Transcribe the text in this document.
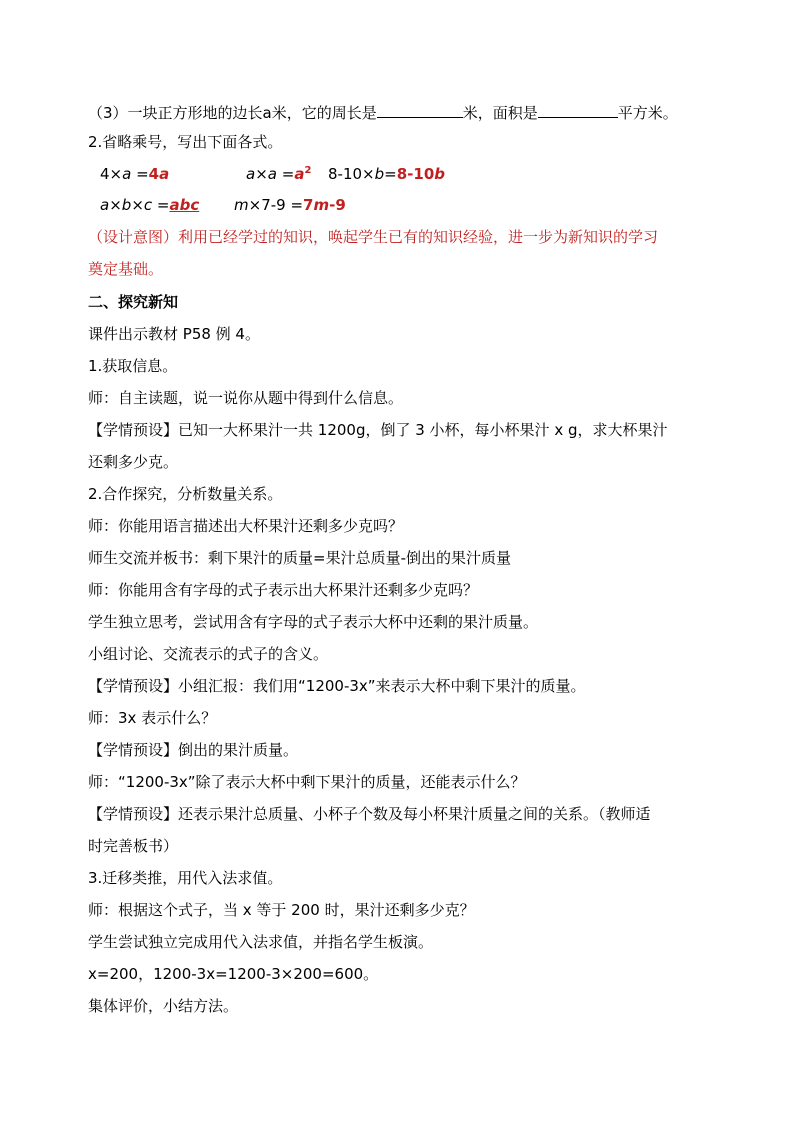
（3）一块正方形地的边长a米，它的周长是	米，面积是	平方米。
2.省略乘号，写出下面各式。
4×a =4a	$a\times a =a^2$ 8-10×b=8-10b
a×b×c =abc m×7-9 =7m-9
（设计意图）利用已经学过的知识，唤起学生已有的知识经验，进一步为新知识的学习
奠定基础。
二、探究新知
课件出示教材 P58 例 4。
1.获取信息。
师：自主读题，说一说你从题中得到什么信息。
【学情预设】已知一大杯果汁一共 1200g，倒了 3 小杯，每小杯果汁 x g，求大杯果汁
还剩多少克。
2.合作探究，分析数量关系。
师：你能用语言描述出大杯果汁还剩多少克吗？
师生交流并板书：剩下果汁的质量=果汁总质量-倒出的果汁质量
师：你能用含有字母的式子表示出大杯果汁还剩多少克吗？
学生独立思考，尝试用含有字母的式子表示大杯中还剩的果汁质量。
小组讨论、交流表示的式子的含义。
【学情预设】小组汇报：我们用“1200-3x”来表示大杯中剩下果汁的质量。
师：3x 表示什么？
【学情预设】倒出的果汁质量。
师：“1200-3x”除了表示大杯中剩下果汁的质量，还能表示什么？
【学情预设】还表示果汁总质量、小杯子个数及每小杯果汁质量之间的关系。（教师适
时完善板书）
3.迁移类推，用代入法求值。
师：根据这个式子，当 x 等于 200 时，果汁还剩多少克？
学生尝试独立完成用代入法求值，并指名学生板演。
x=200，1200-3x=1200-3×200=600。
集体评价，小结方法。
